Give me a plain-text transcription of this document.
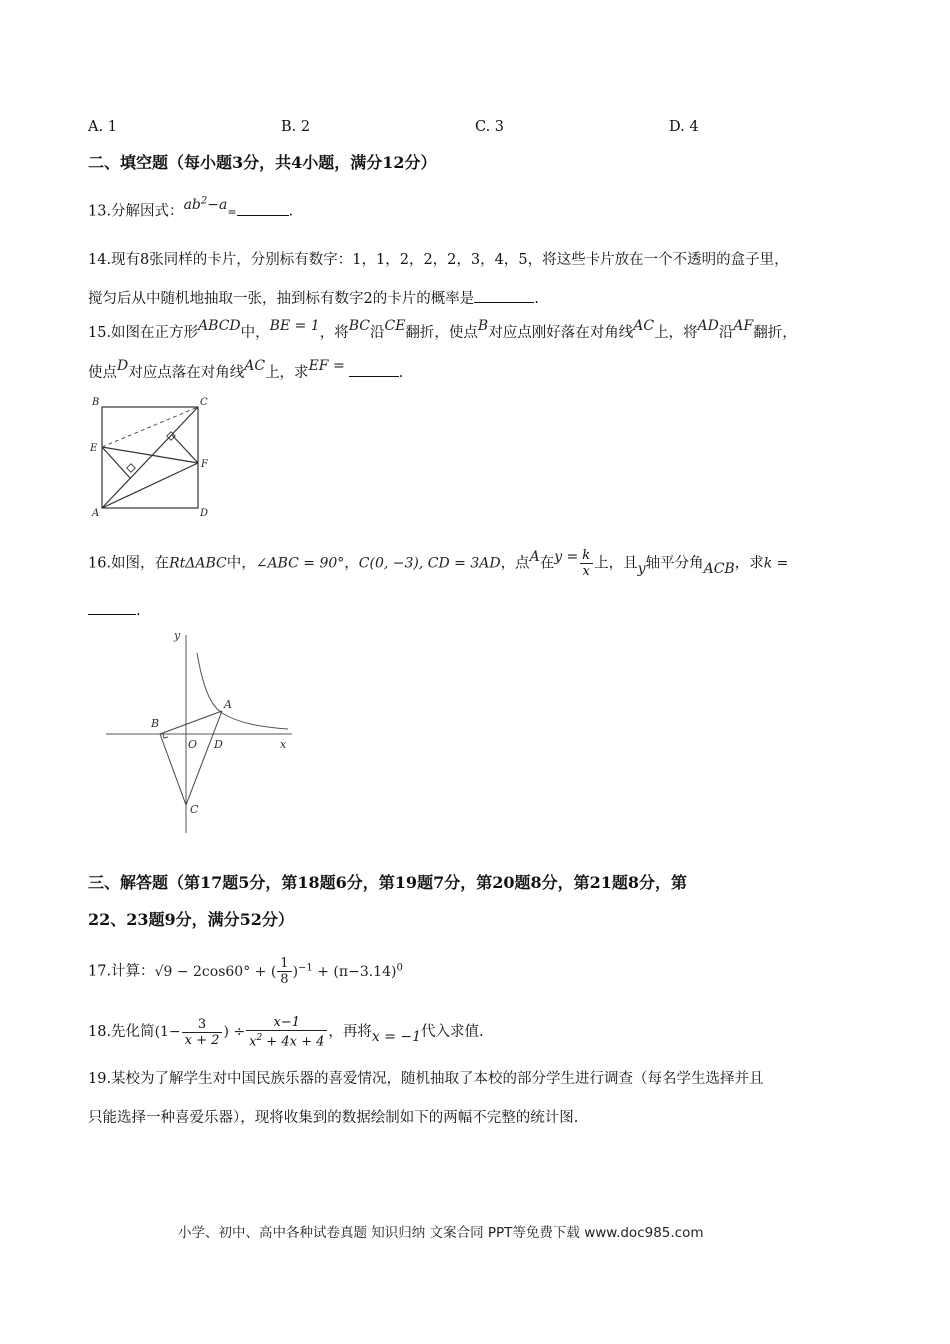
A. 1	B. 2	C. 3	D. 4
二、填空题（每小题3分，共4小题，满分12分）
13.分解因式：$ab^2-a=$	.
14.现有8张同样的卡片，分别标有数字：1，1，2，2，2，3，4，5，将这些卡片放在一个不透明的盒子里，
搅匀后从中随机地抽取一张，抽到标有数字2的卡片的概率是	.
15.如图在正方形ABCD中，BE = 1，将BC沿CE翻折，使点B对应点刚好落在对角线AC上，将AD沿AF翻折，
使点D对应点落在对角线AC上，求EF =	.
B	C
E
F
A	D
16.如图，在RtΔABC中，∠ABC = 90°，C(0, −3), CD = 3AD，点A在$y = \frac{k}{x}$ 上，且y轴平分角ACB，求k =
.
y
A
B
O D	x
C
三、解答题（第17题5分，第18题6分，第19题7分，第20题8分，第21题8分，第
22、23题9分，满分52分）
17.计算：√9 − 2cos60° + ( $\frac{1}{8} )^{-1} + (\pi-3.14)^0$
18.先化简($1- \frac{3}{x + 2}$ ) ÷ $\frac{x-1}{x^2 + 4x + 4}$ ，再将x = −1代入求值.
19.某校为了解学生对中国民族乐器的喜爱情况，随机抽取了本校的部分学生进行调查（每名学生选择并且
只能选择一种喜爱乐器），现将收集到的数据绘制如下的两幅不完整的统计图.
小学、初中、高中各种试卷真题 知识归纳 文案合同 PPT等免费下载 www.doc985.com
